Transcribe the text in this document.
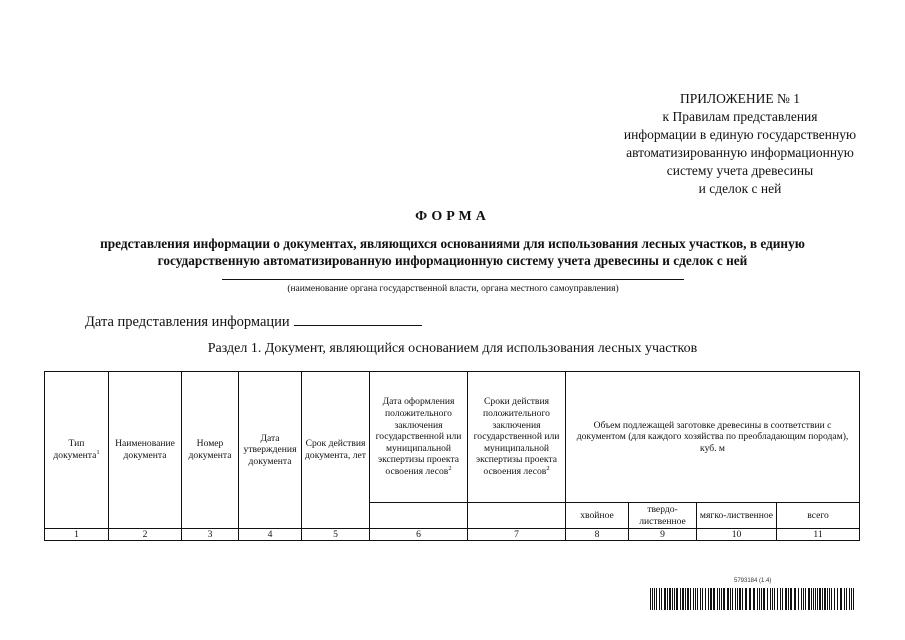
ПРИЛОЖЕНИЕ № 1
к Правилам представления
информации в единую государственную
автоматизированную информационную
систему учета древесины
и сделок с ней
ФОРМА
представления информации о документах, являющихся основаниями для использования лесных участков, в единую
государственную автоматизированную информационную систему учета древесины и сделок с ней
(наименование органа государственной власти, органа местного самоуправления)
Дата представления информации
Раздел 1. Документ, являющийся основанием для использования лесных участков
Тип документа$^1$	Наименование документа	Номер документа	Дата утверждения документа	Срок действия документа, лет	Дата оформления положительного заключения государственной или муниципальной экспертизы проекта освоения лесов$^2$	Сроки действия положительного заключения государственной или муниципальной экспертизы проекта освоения лесов$^2$	Объем подлежащей заготовке древесины в соответствии с документом (для каждого хозяйства по преобладающим породам), куб. м			
							хвойное	твердо-лиственное	мягко-лиственное	всего
1	2	3	4	5	6	7	8	9	10	11
5793184 (1.4)
